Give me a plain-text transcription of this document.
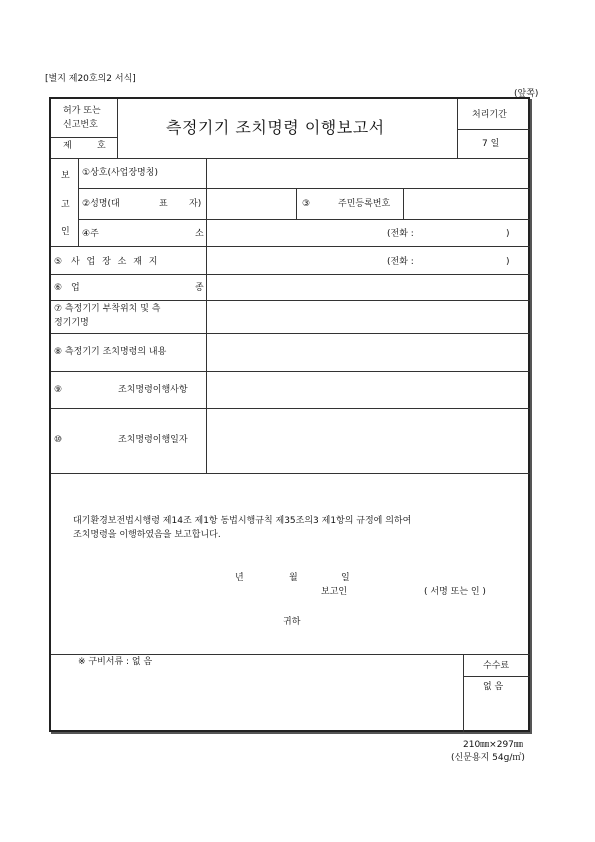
[별지 제20호의2 서식]
(앞쪽)
허가 또는
신고번호
제	호
측정기기 조치명령 이행보고서
처리기간
7 일
보
고
인
①상호(사업장명칭)
②성명(대	표 자)	③	주민등록번호
④주	소	(전화 :	)
⑤ 사 업 장 소 재 지	(전화 :	)
⑥ 업	종
⑦ 측정기기 부착위치 및 측
정기기명
⑧ 측정기기 조치명령의 내용
⑨	조치명령이행사항
⑩	조치명령이행일자
대기환경보전법시행령 제14조 제1항 동법시행규칙 제35조의3 제1항의 규정에 의하여
조치명령을 이행하였음을 보고합니다.
년	월	일
보고인	( 서명 또는 인 )
귀하
※ 구비서류 : 없 음	수수료
없 음
210㎜×297㎜
(신문용지 54g/㎡)
